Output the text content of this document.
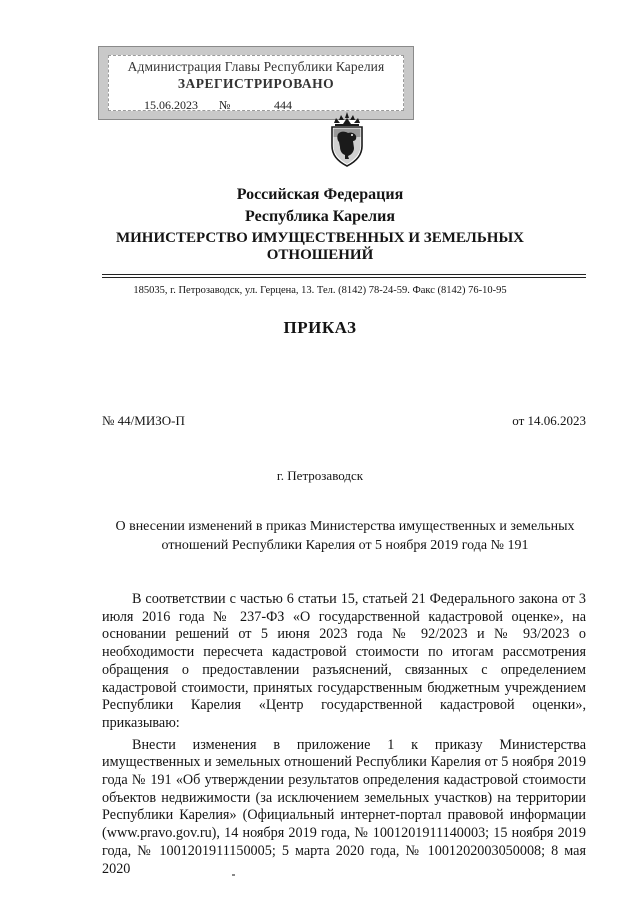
Администрация Главы Республики Карелия
ЗАРЕГИСТРИРОВАНО
15.06.2023 №	444
Российская Федерация
Республика Карелия
МИНИСТЕРСТВО ИМУЩЕСТВЕННЫХ И ЗЕМЕЛЬНЫХ
ОТНОШЕНИЙ
185035, г. Петрозаводск, ул. Герцена, 13. Тел. (8142) 78-24-59. Факс (8142) 76-10-95
ПРИКАЗ
№ 44/МИЗО-П	от 14.06.2023
г. Петрозаводск
О внесении изменений в приказ Министерства имущественных и земельных отношений Республики Карелия от 5 ноября 2019 года № 191

В соответствии с частью 6 статьи 15, статьей 21 Федерального закона от 3 июля 2016 года № 237-ФЗ «О государственной кадастровой оценке», на основании решений от 5 июня 2023 года № 92/2023 и № 93/2023 о необходимости пересчета кадастровой стоимости по итогам рассмотрения обращения о предоставлении разъяснений, связанных с определением кадастровой стоимости, принятых государственным бюджетным учреждением Республики Карелия «Центр государственной кадастровой оценки», приказываю:

Внести изменения в приложение 1 к приказу Министерства имущественных и земельных отношений Республики Карелия от 5 ноября 2019 года № 191 «Об утверждении результатов определения кадастровой стоимости объектов недвижимости (за исключением земельных участков) на территории Республики Карелия» (Официальный интернет-портал правовой информации (www.pravo.gov.ru), 14 ноября 2019 года, № 1001201911140003; 15 ноября 2019 года, № 1001201911150005; 5 марта 2020 года, № 1001202003050008; 8 мая 2020
